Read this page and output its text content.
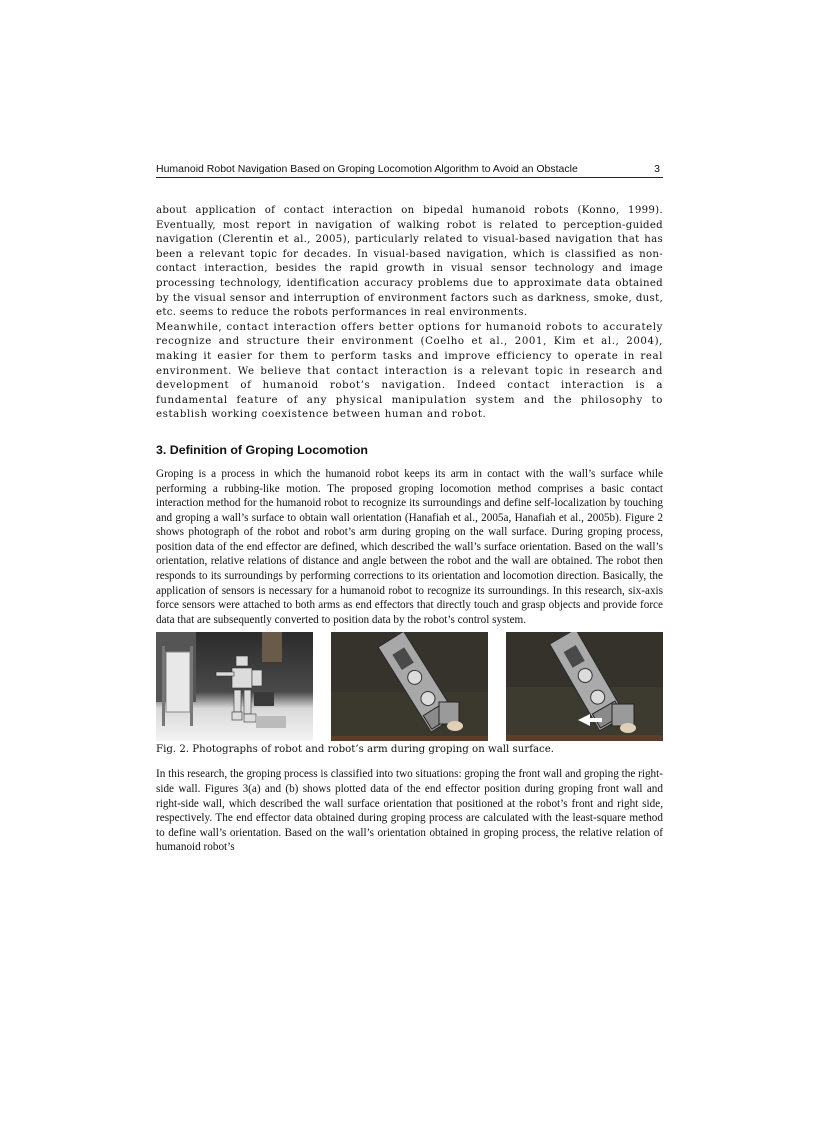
Humanoid Robot Navigation Based on Groping Locomotion Algorithm to Avoid an Obstacle	3

about application of contact interaction on bipedal humanoid robots (Konno, 1999). Eventually, most report in navigation of walking robot is related to perception-guided navigation (Clerentin et al., 2005), particularly related to visual-based navigation that has been a relevant topic for decades. In visual-based navigation, which is classified as non-contact interaction, besides the rapid growth in visual sensor technology and image processing technology, identification accuracy problems due to approximate data obtained by the visual sensor and interruption of environment factors such as darkness, smoke, dust, etc. seems to reduce the robots performances in real environments.

Meanwhile, contact interaction offers better options for humanoid robots to accurately recognize and structure their environment (Coelho et al., 2001, Kim et al., 2004), making it easier for them to perform tasks and improve efficiency to operate in real environment. We believe that contact interaction is a relevant topic in research and development of humanoid robot’s navigation. Indeed contact interaction is a fundamental feature of any physical manipulation system and the philosophy to establish working coexistence between human and robot.

3. Definition of Groping Locomotion

Groping is a process in which the humanoid robot keeps its arm in contact with the wall’s surface while performing a rubbing-like motion. The proposed groping locomotion method comprises a basic contact interaction method for the humanoid robot to recognize its surroundings and define self-localization by touching and groping a wall’s surface to obtain wall orientation (Hanafiah et al., 2005a, Hanafiah et al., 2005b). Figure 2 shows photograph of the robot and robot’s arm during groping on the wall surface. During groping process, position data of the end effector are defined, which described the wall’s surface orientation. Based on the wall’s orientation, relative relations of distance and angle between the robot and the wall are obtained. The robot then responds to its surroundings by performing corrections to its orientation and locomotion direction. Basically, the application of sensors is necessary for a humanoid robot to recognize its surroundings. In this research, six-axis force sensors were attached to both arms as end effectors that directly touch and grasp objects and provide force data that are subsequently converted to position data by the robot’s control system.

Fig. 2. Photographs of robot and robot’s arm during groping on wall surface.

In this research, the groping process is classified into two situations: groping the front wall and groping the right-side wall. Figures 3(a) and (b) shows plotted data of the end effector position during groping front wall and right-side wall, which described the wall surface orientation that positioned at the robot’s front and right side, respectively. The end effector data obtained during groping process are calculated with the least-square method to define wall’s orientation. Based on the wall’s orientation obtained in groping process, the relative relation of humanoid robot’s
